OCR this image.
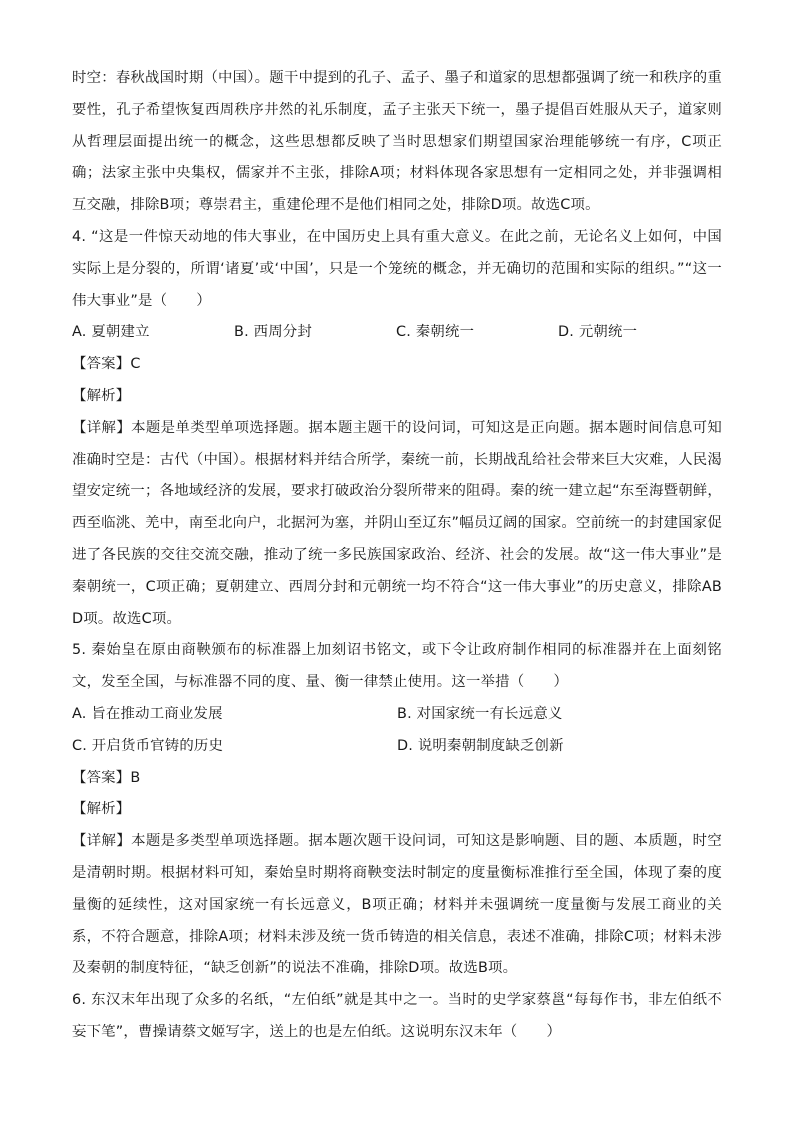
时空：春秋战国时期（中国）。题干中提到的孔子、孟子、墨子和道家的思想都强调了统一和秩序的重要性，孔子希望恢复西周秩序井然的礼乐制度，孟子主张天下统一，墨子提倡百姓服从天子，道家则从哲理层面提出统一的概念，这些思想都反映了当时思想家们期望国家治理能够统一有序，C项正确；法家主张中央集权，儒家并不主张，排除A项；材料体现各家思想有一定相同之处，并非强调相互交融，排除B项；尊崇君主，重建伦理不是他们相同之处，排除D项。故选C项。

4. “这是一件惊天动地的伟大事业，在中国历史上具有重大意义。在此之前，无论名义上如何，中国实际上是分裂的，所谓‘诸夏’或‘中国’，只是一个笼统的概念，并无确切的范围和实际的组织。”“这一伟大事业”是（　　）

A. 夏朝建立	B. 西周分封	C. 秦朝统一	D. 元朝统一

【答案】C

【解析】

【详解】本题是单类型单项选择题。据本题主题干的设问词，可知这是正向题。据本题时间信息可知准确时空是：古代（中国）。根据材料并结合所学，秦统一前，长期战乱给社会带来巨大灾难，人民渴望安定统一；各地域经济的发展，要求打破政治分裂所带来的阻碍。秦的统一建立起“东至海暨朝鲜，西至临洮、羌中，南至北向户，北据河为塞，并阴山至辽东”幅员辽阔的国家。空前统一的封建国家促进了各民族的交往交流交融，推动了统一多民族国家政治、经济、社会的发展。故“这一伟大事业”是秦朝统一，C项正确；夏朝建立、西周分封和元朝统一均不符合“这一伟大事业”的历史意义，排除ABD项。故选C项。

5. 秦始皇在原由商鞅颁布的标准器上加刻诏书铭文，或下令让政府制作相同的标准器并在上面刻铭文，发至全国，与标准器不同的度、量、衡一律禁止使用。这一举措（　　）

A. 旨在推动工商业发展	B. 对国家统一有长远意义
C. 开启货币官铸的历史	D. 说明秦朝制度缺乏创新

【答案】B

【解析】

【详解】本题是多类型单项选择题。据本题次题干设问词，可知这是影响题、目的题、本质题，时空是清朝时期。根据材料可知，秦始皇时期将商鞅变法时制定的度量衡标准推行至全国，体现了秦的度量衡的延续性，这对国家统一有长远意义，B项正确；材料并未强调统一度量衡与发展工商业的关系，不符合题意，排除A项；材料未涉及统一货币铸造的相关信息，表述不准确，排除C项；材料未涉及秦朝的制度特征，“缺乏创新”的说法不准确，排除D项。故选B项。

6. 东汉末年出现了众多的名纸，“左伯纸”就是其中之一。当时的史学家蔡邕“每每作书，非左伯纸不妄下笔”，曹操请蔡文姬写字，送上的也是左伯纸。这说明东汉末年（　　）
